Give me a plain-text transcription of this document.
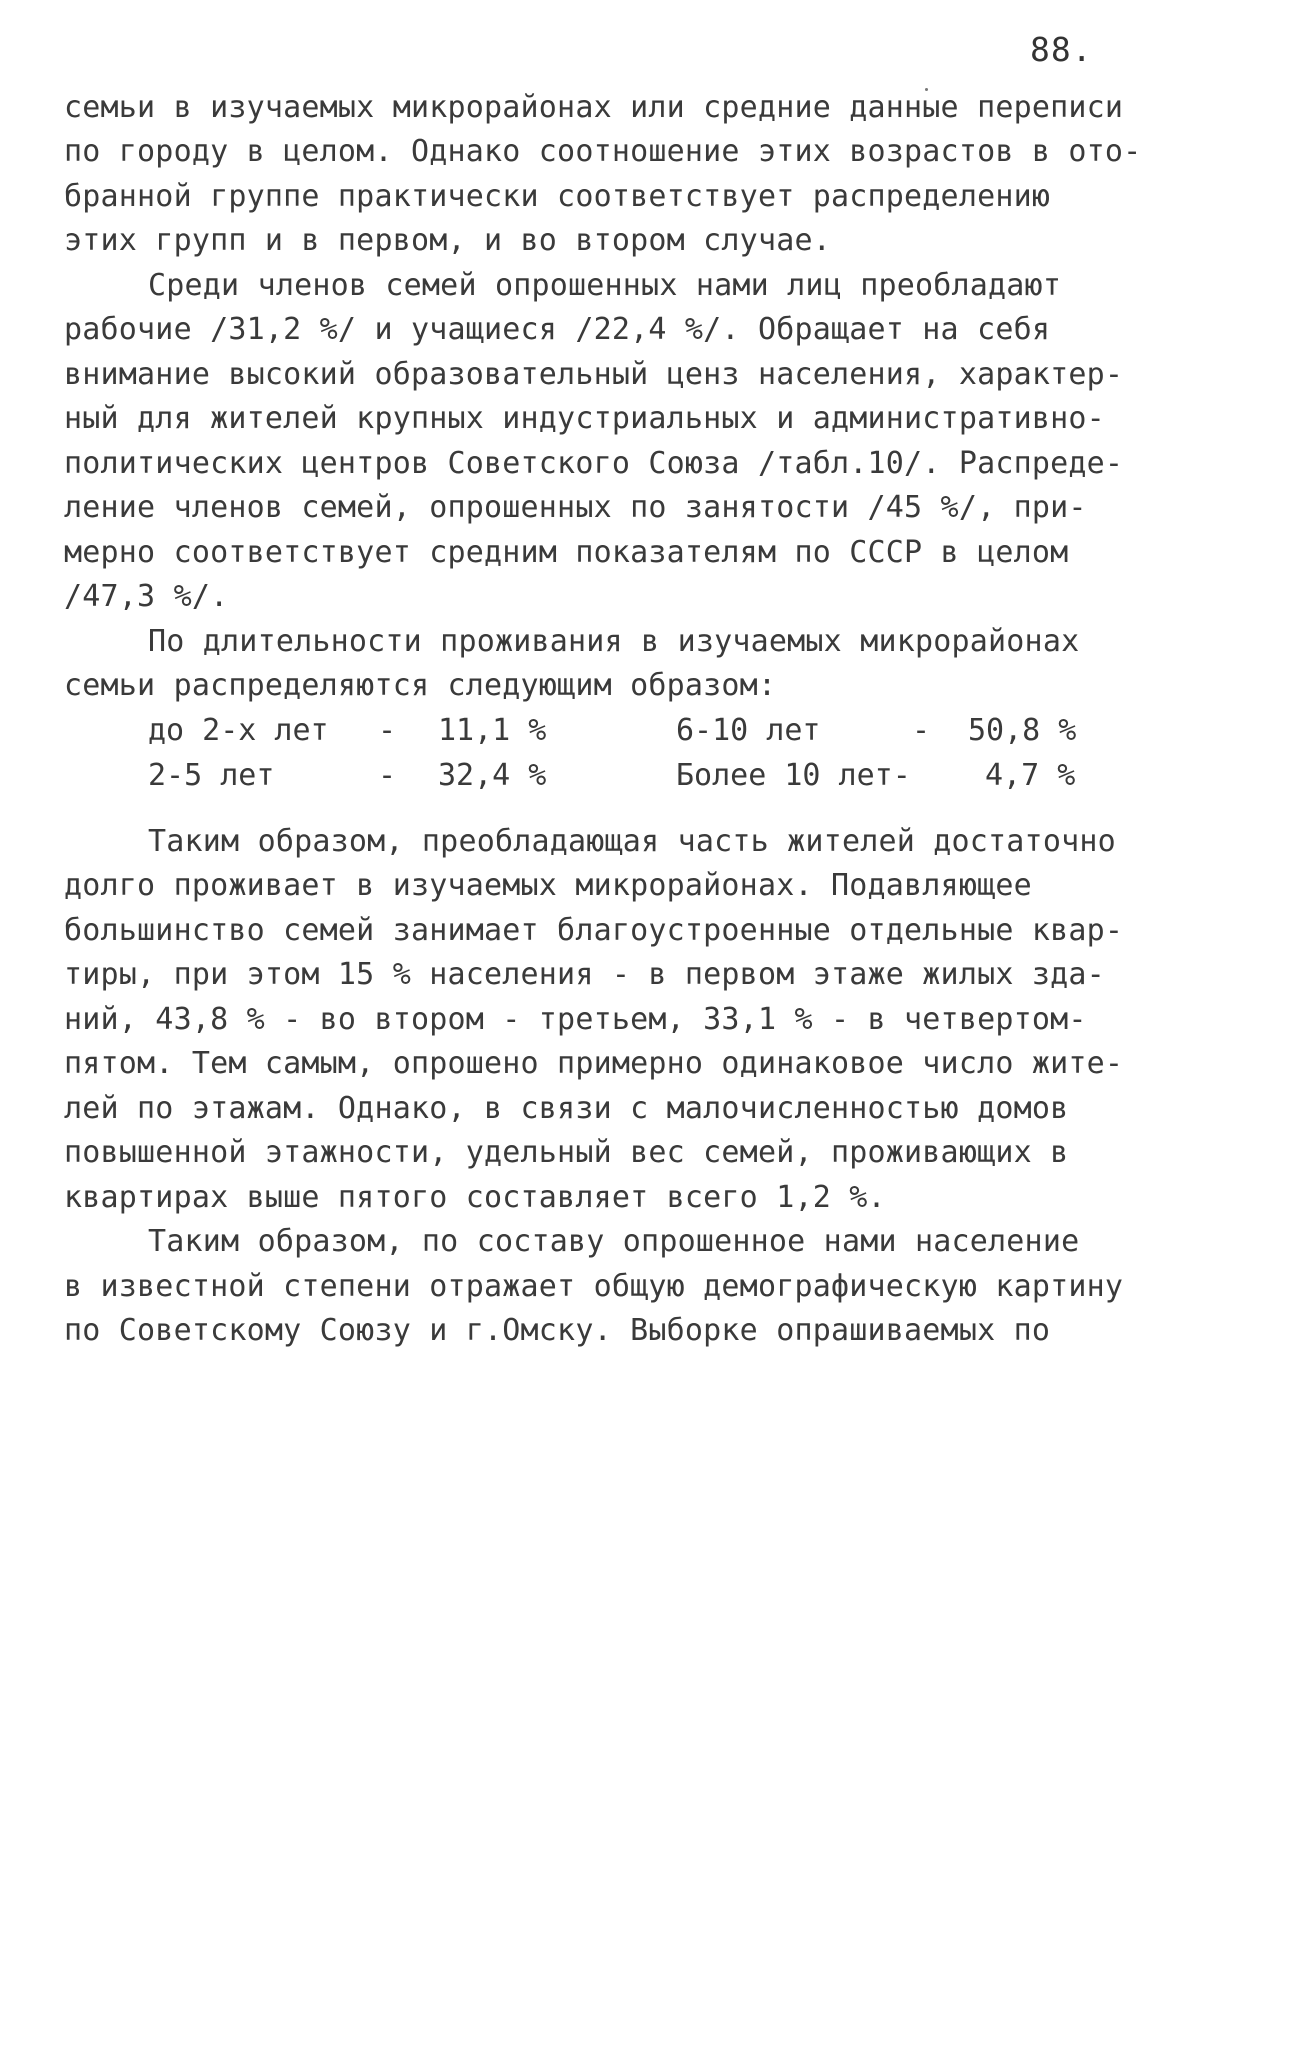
88.
семьи в изучаемых микрорайонах или средние данные переписи
по городу в целом. Однако соотношение этих возрастов в ото-
бранной группе практически соответствует распределению
этих групп и в первом, и во втором случае.
Среди членов семей опрошенных нами лиц преобладают
рабочие /31,2 %/ и учащиеся /22,4 %/. Обращает на себя
внимание высокий образовательный ценз населения, характер-
ный для жителей крупных индустриальных и административно-
политических центров Советского Союза /табл.10/. Распреде-
ление членов семей, опрошенных по занятости /45 %/, при-
мерно соответствует средним показателям по СССР в целом
/47,3 %/.
По длительности проживания в изучаемых микрорайонах
семьи распределяются следующим образом:
до 2-х лет - 11,1 %	6-10 лет	- 50,8 %
2-5 лет	- 32,4 %	Более 10 лет- 4,7 %
Таким образом, преобладающая часть жителей достаточно
долго проживает в изучаемых микрорайонах. Подавляющее
большинство семей занимает благоустроенные отдельные квар-
тиры, при этом 15 % населения - в первом этаже жилых зда-
ний, 43,8 % - во втором - третьем, 33,1 % - в четвертом-
пятом. Тем самым, опрошено примерно одинаковое число жите-
лей по этажам. Однако, в связи с малочисленностью домов
повышенной этажности, удельный вес семей, проживающих в
квартирах выше пятого составляет всего 1,2 %.
Таким образом, по составу опрошенное нами население
в известной степени отражает общую демографическую картину
по Советскому Союзу и г.Омску. Выборке опрашиваемых по
